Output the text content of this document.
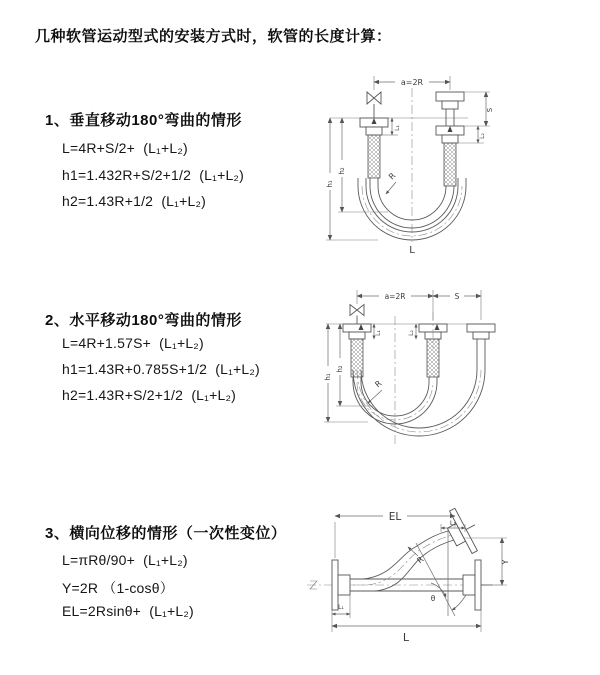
几种软管运动型式的安装方式时，软管的长度计算：
1、垂直移动180°弯曲的情形
L=4R+S/2+  (L₁+L₂)
h1=1.432R+S/2+1/2  (L₁+L₂)
h2=1.43R+1/2  (L₁+L₂)
2、水平移动180°弯曲的情形
L=4R+1.57S+  (L₁+L₂)
h1=1.43R+0.785S+1/2  (L₁+L₂)
h2=1.43R+S/2+1/2  (L₁+L₂)
3、横向位移的情形（一次性变位）
L=πRθ/90+  (L₁+L₂)
Y=2R （1-cosθ）
EL=2Rsinθ+  (L₁+L₂)
a=2R
h₁
h₂
L₁
S
L₂
R
L
a=2R	S
h₁
h₂
L₁	L₂
R
EL	L₂
Y
θ
R
L₁
L
